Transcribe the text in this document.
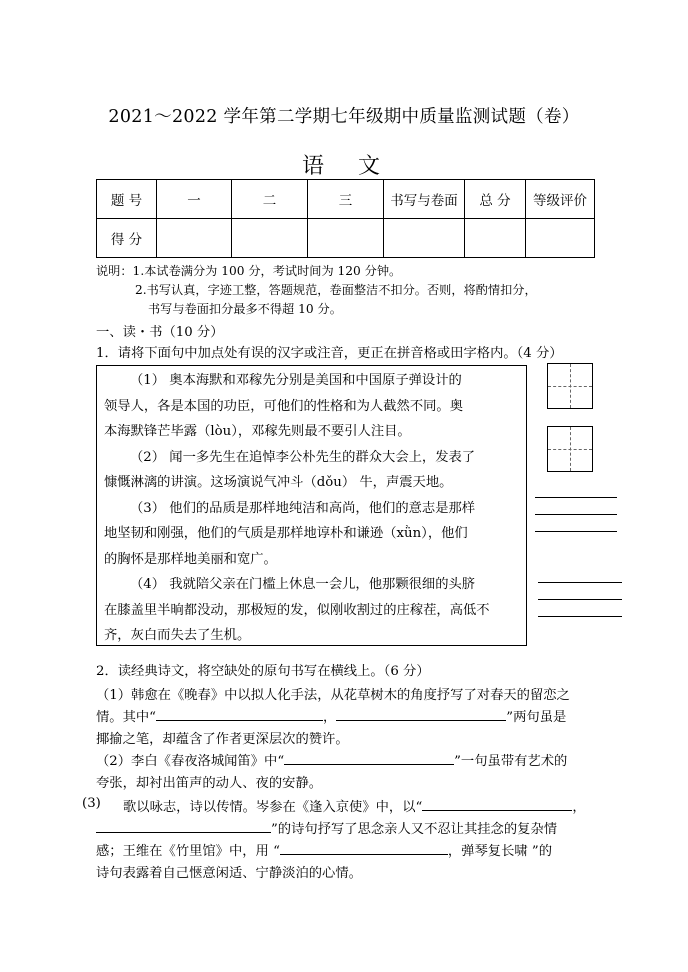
2021～2022 学年第二学期七年级期中质量监测试题（卷）
语文
题 号	一	二	三	书写与卷面	总 分	等级评价
得 分						
说明：1.本试卷满分为 100 分，考试时间为 120 分钟。
2.书写认真，字迹工整，答题规范，卷面整洁不扣分。否则，将酌情扣分，
书写与卷面扣分最多不得超 10 分。
一、读・书（10 分）
1．请将下面句中加点处有误的汉字或注音，更正在拼音格或田字格内。（4 分）
（1） 奥本海默和邓稼先分别是美国和中国原子弹设计的
领导人，各是本国的功臣，可他们的性格和为人截然不同。奥
本海默锋芒毕露（lòu），邓稼先则最不要引人注目。
（2） 闻一多先生在追悼李公朴先生的群众大会上，发表了
慷慨淋漓的讲演。这场演说气冲斗（dǒu） 牛，声震天地。
（3） 他们的品质是那样地纯洁和高尚，他们的意志是那样
地坚韧和刚强，他们的气质是那样地谆朴和谦逊（xǜn），他们
的胸怀是那样地美丽和宽广。
（4） 我就陪父亲在门槛上休息一会儿，他那颗很细的头脐
在膝盖里半晌都没动，那极短的发，似刚收割过的庄稼茬，高低不
齐，灰白而失去了生机。
2．读经典诗文，将空缺处的原句书写在横线上。（6 分）
（1）韩愈在《晚春》中以拟人化手法，从花草树木的角度抒写了对春天的留恋之
情。其中“	，	”两句虽是
揶揄之笔，却蕴含了作者更深层次的赞许。
（2）李白《春夜洛城闻笛》中“	”一句虽带有艺术的
夸张，却衬出笛声的动人、夜的安静。
(3) 歌以咏志，诗以传情。岑参在《逢入京使》中，以“	，
”的诗句抒写了思念亲人又不忍让其挂念的复杂情
感；王维在《竹里馆》中，用 “	，弹琴复长啸 ”的
诗句表露着自己惬意闲适、宁静淡泊的心情。
